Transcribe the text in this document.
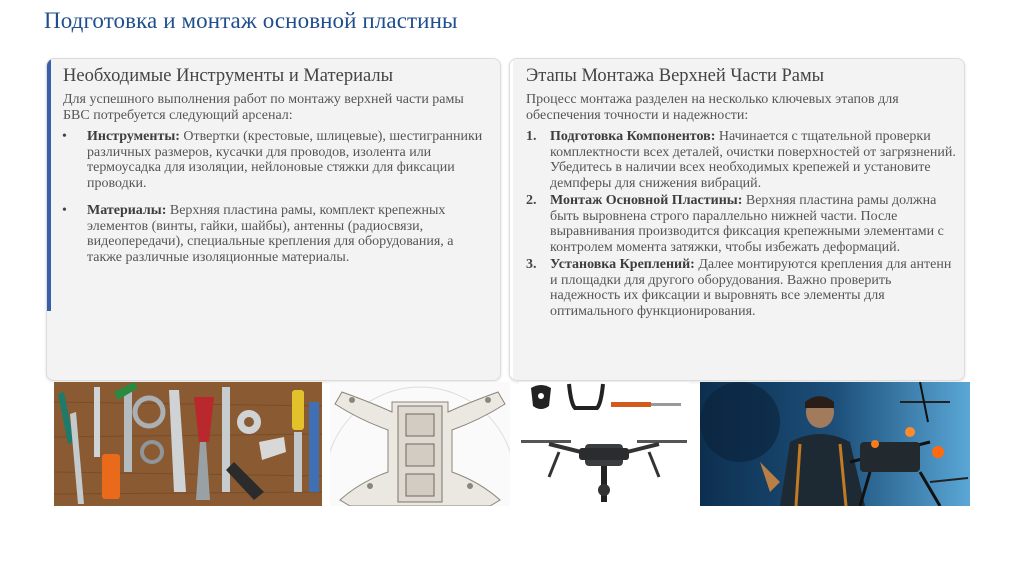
Подготовка и монтаж основной пластины
Необходимые Инструменты и Материалы
Для успешного выполнения работ по монтажу верхней части рамы БВС потребуется следующий арсенал:
• Инструменты: Отвертки (крестовые, шлицевые), шестигранники различных размеров, кусачки для проводов, изолента или термоусадка для изоляции, нейлоновые стяжки для фиксации проводки.
• Материалы: Верхняя пластина рамы, комплект крепежных элементов (винты, гайки, шайбы), антенны (радиосвязи, видеопередачи), специальные крепления для оборудования, а также различные изоляционные материалы.
Этапы Монтажа Верхней Части Рамы
Процесс монтажа разделен на несколько ключевых этапов для обеспечения точности и надежности:
1. Подготовка Компонентов: Начинается с тщательной проверки комплектности всех деталей, очистки поверхностей от загрязнений. Убедитесь в наличии всех необходимых крепежей и установите демпферы для снижения вибраций.
2. Монтаж Основной Пластины: Верхняя пластина рамы должна быть выровнена строго параллельно нижней части. После выравнивания производится фиксация крепежными элементами с контролем момента затяжки, чтобы избежать деформаций.
3. Установка Креплений: Далее монтируются крепления для антенн и площадки для другого оборудования. Важно проверить надежность их фиксации и выровнять все элементы для оптимального функционирования.
